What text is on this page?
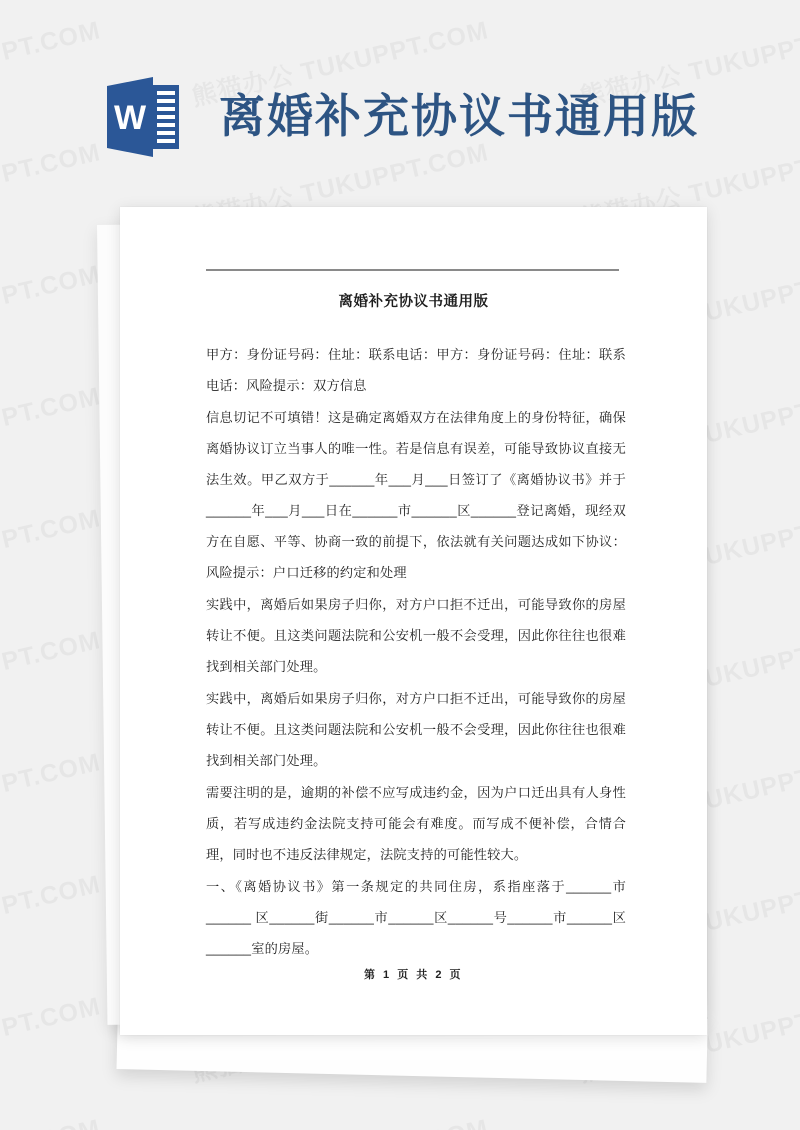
W 离婚补充协议书通用版
离婚补充协议书通用版

甲方：身份证号码：住址：联系电话：甲方：身份证号码：住址：联系电话：风险提示：双方信息

信息切记不可填错！这是确定离婚双方在法律角度上的身份特征，确保离婚协议订立当事人的唯一性。若是信息有误差，可能导致协议直接无法生效。甲乙双方于______年___月___日签订了《离婚协议书》并于______年___月___日在______市______区______登记离婚，现经双方在自愿、平等、协商一致的前提下，依法就有关问题达成如下协议：风险提示：户口迁移的约定和处理

实践中，离婚后如果房子归你，对方户口拒不迁出，可能导致你的房屋转让不便。且这类问题法院和公安机一般不会受理，因此你往往也很难找到相关部门处理。

实践中，离婚后如果房子归你，对方户口拒不迁出，可能导致你的房屋转让不便。且这类问题法院和公安机一般不会受理，因此你往往也很难找到相关部门处理。

需要注明的是，逾期的补偿不应写成违约金，因为户口迁出具有人身性质，若写成违约金法院支持可能会有难度。而写成不便补偿，合情合理，同时也不违反法律规定，法院支持的可能性较大。

一、《离婚协议书》第一条规定的共同住房，系指座落于______市______ 区______街______市______区______号______市______区______室的房屋。

第 1 页 共 2 页
